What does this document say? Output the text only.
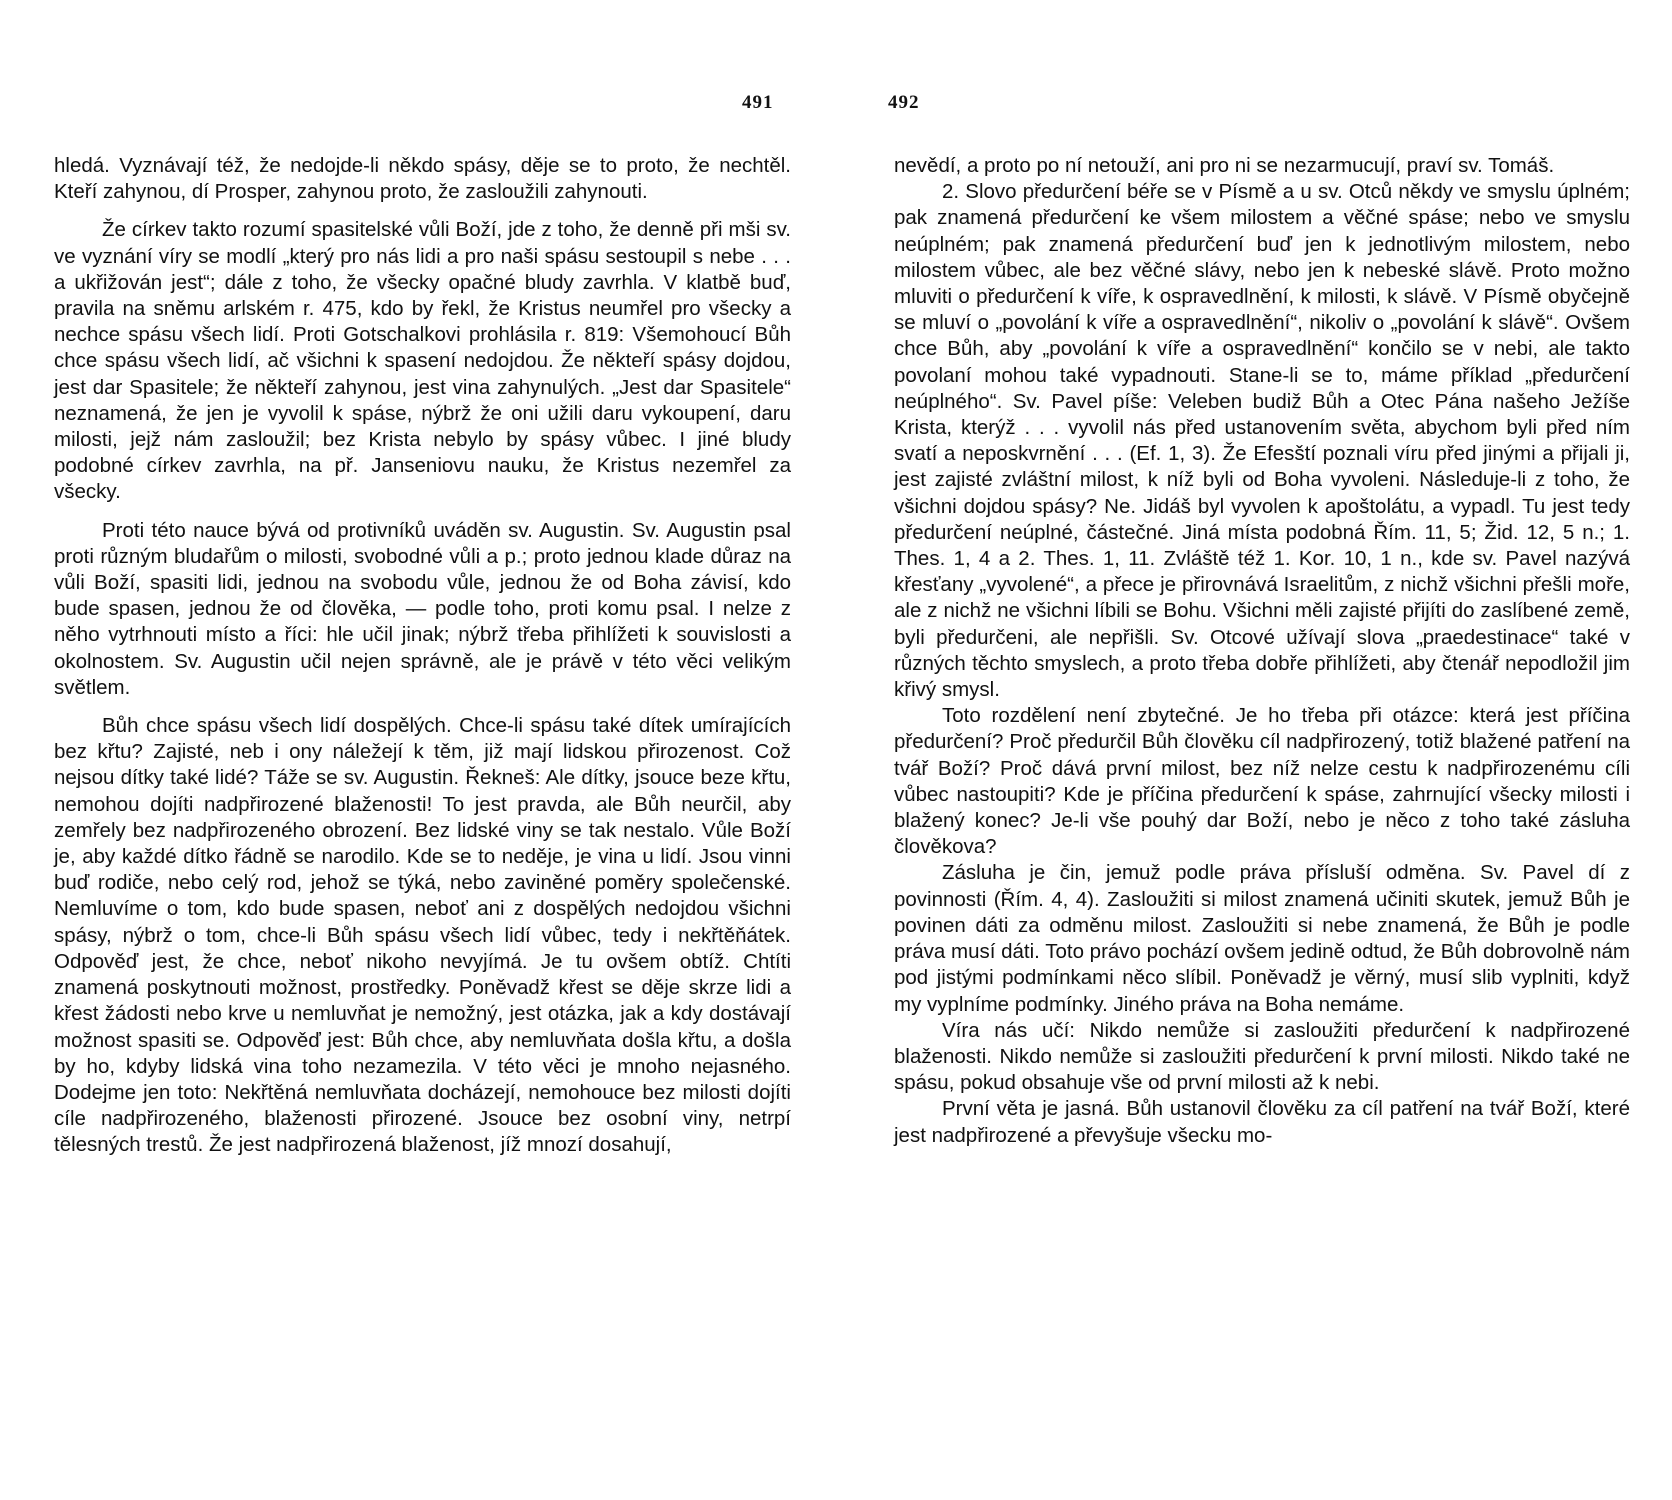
491	492

hledá. Vyznávají též, že nedojde-li někdo spásy, děje se to proto, že nechtěl. Kteří zahynou, dí Prosper, zahynou proto, že zasloužili zahynouti.

Že církev takto rozumí spasitelské vůli Boží, jde z toho, že denně při mši sv. ve vyznání víry se modlí „který pro nás lidi a pro naši spásu sestoupil s nebe . . . a ukřižován jest“; dále z toho, že všecky opačné bludy zavrhla. V klatbě buď, pravila na sněmu arlském r. 475, kdo by řekl, že Kristus neumřel pro všecky a nechce spásu všech lidí. Proti Gotschalkovi prohlásila r. 819: Všemohoucí Bůh chce spásu všech lidí, ač všichni k spasení nedojdou. Že někteří spásy dojdou, jest dar Spasitele; že někteří zahynou, jest vina zahynulých. „Jest dar Spasitele“ neznamená, že jen je vyvolil k spáse, nýbrž že oni užili daru vykoupení, daru milosti, jejž nám zasloužil; bez Krista nebylo by spásy vůbec. I jiné bludy podobné církev zavrhla, na př. Janseniovu nauku, že Kristus nezemřel za všecky.

Proti této nauce bývá od protivníků uváděn sv. Augustin. Sv. Augustin psal proti různým bludařům o milosti, svobodné vůli a p.; proto jednou klade důraz na vůli Boží, spasiti lidi, jednou na svobodu vůle, jednou že od Boha závisí, kdo bude spasen, jednou že od člověka, — podle toho, proti komu psal. I nelze z něho vytrhnouti místo a říci: hle učil jinak; nýbrž třeba přihlížeti k souvislosti a okolnostem. Sv. Augustin učil nejen správně, ale je právě v této věci velikým světlem.

Bůh chce spásu všech lidí dospělých. Chce-li spásu také dítek umírajících bez křtu? Zajisté, neb i ony náležejí k těm, již mají lidskou přirozenost. Což nejsou dítky také lidé? Táže se sv. Augustin. Řekneš: Ale dítky, jsouce beze křtu, nemohou dojíti nadpřirozené blaženosti! To jest pravda, ale Bůh neurčil, aby zemřely bez nadpřirozeného obrození. Bez lidské viny se tak nestalo. Vůle Boží je, aby každé dítko řádně se narodilo. Kde se to neděje, je vina u lidí. Jsou vinni buď rodiče, nebo celý rod, jehož se týká, nebo zaviněné poměry společenské. Nemluvíme o tom, kdo bude spasen, neboť ani z dospělých nedojdou všichni spásy, nýbrž o tom, chce-li Bůh spásu všech lidí vůbec, tedy i nekřtěňátek. Odpověď jest, že chce, neboť nikoho nevyjímá. Je tu ovšem obtíž. Chtíti znamená poskytnouti možnost, prostředky. Poněvadž křest se děje skrze lidi a křest žádosti nebo krve u nemluvňat je nemožný, jest otázka, jak a kdy dostávají možnost spasiti se. Odpověď jest: Bůh chce, aby nemluvňata došla křtu, a došla by ho, kdyby lidská vina toho nezamezila. V této věci je mnoho nejasného. Dodejme jen toto: Nekřtěná nemluvňata docházejí, nemohouce bez milosti dojíti cíle nadpřirozeného, blaženosti přirozené. Jsouce bez osobní viny, netrpí tělesných trestů. Že jest nadpřirozená blaženost, jíž mnozí dosahují,

nevědí, a proto po ní netouží, ani pro ni se nezarmucují, praví sv. Tomáš.

2. Slovo předurčení béře se v Písmě a u sv. Otců někdy ve smyslu úplném; pak znamená předurčení ke všem milostem a věčné spáse; nebo ve smyslu neúplném; pak znamená předurčení buď jen k jednotlivým milostem, nebo milostem vůbec, ale bez věčné slávy, nebo jen k nebeské slávě. Proto možno mluviti o předurčení k víře, k ospravedlnění, k milosti, k slávě. V Písmě obyčejně se mluví o „povolání k víře a ospravedlnění“, nikoliv o „povolání k slávě“. Ovšem chce Bůh, aby „povolání k víře a ospravedlnění“ končilo se v nebi, ale takto povolaní mohou také vypadnouti. Stane-li se to, máme příklad „předurčení neúplného“. Sv. Pavel píše: Veleben budiž Bůh a Otec Pána našeho Ježíše Krista, kterýž . . . vyvolil nás před ustanovením světa, abychom byli před ním svatí a neposkvrnění . . . (Ef. 1, 3). Že Efesští poznali víru před jinými a přijali ji, jest zajisté zvláštní milost, k níž byli od Boha vyvoleni. Následuje-li z toho, že všichni dojdou spásy? Ne. Jidáš byl vyvolen k apoštolátu, a vypadl. Tu jest tedy předurčení neúplné, částečné. Jiná místa podobná Řím. 11, 5; Žid. 12, 5 n.; 1. Thes. 1, 4 a 2. Thes. 1, 11. Zvláště též 1. Kor. 10, 1 n., kde sv. Pavel nazývá křesťany „vyvolené“, a přece je přirovnává Israelitům, z nichž všichni přešli moře, ale z nichž ne všichni líbili se Bohu. Všichni měli zajisté přijíti do zaslíbené země, byli předurčeni, ale nepřišli. Sv. Otcové užívají slova „praedestinace“ také v různých těchto smyslech, a proto třeba dobře přihlížeti, aby čtenář nepodložil jim křivý smysl.

Toto rozdělení není zbytečné. Je ho třeba při otázce: která jest příčina předurčení? Proč předurčil Bůh člověku cíl nadpřirozený, totiž blažené patření na tvář Boží? Proč dává první milost, bez níž nelze cestu k nadpřirozenému cíli vůbec nastoupiti? Kde je příčina předurčení k spáse, zahrnující všecky milosti i blažený konec? Je-li vše pouhý dar Boží, nebo je něco z toho také zásluha člověkova?

Zásluha je čin, jemuž podle práva přísluší odměna. Sv. Pavel dí z povinnosti (Řím. 4, 4). Zasloužiti si milost znamená učiniti skutek, jemuž Bůh je povinen dáti za odměnu milost. Zasloužiti si nebe znamená, že Bůh je podle práva musí dáti. Toto právo pochází ovšem jedině odtud, že Bůh dobrovolně nám pod jistými podmínkami něco slíbil. Poněvadž je věrný, musí slib vyplniti, když my vyplníme podmínky. Jiného práva na Boha nemáme.

Víra nás učí: Nikdo nemůže si zasloužiti předurčení k nadpřirozené blaženosti. Nikdo nemůže si zasloužiti předurčení k první milosti. Nikdo také ne spásu, pokud obsahuje vše od první milosti až k nebi.

První věta je jasná. Bůh ustanovil člověku za cíl patření na tvář Boží, které jest nadpřirozené a převyšuje všecku mo-
